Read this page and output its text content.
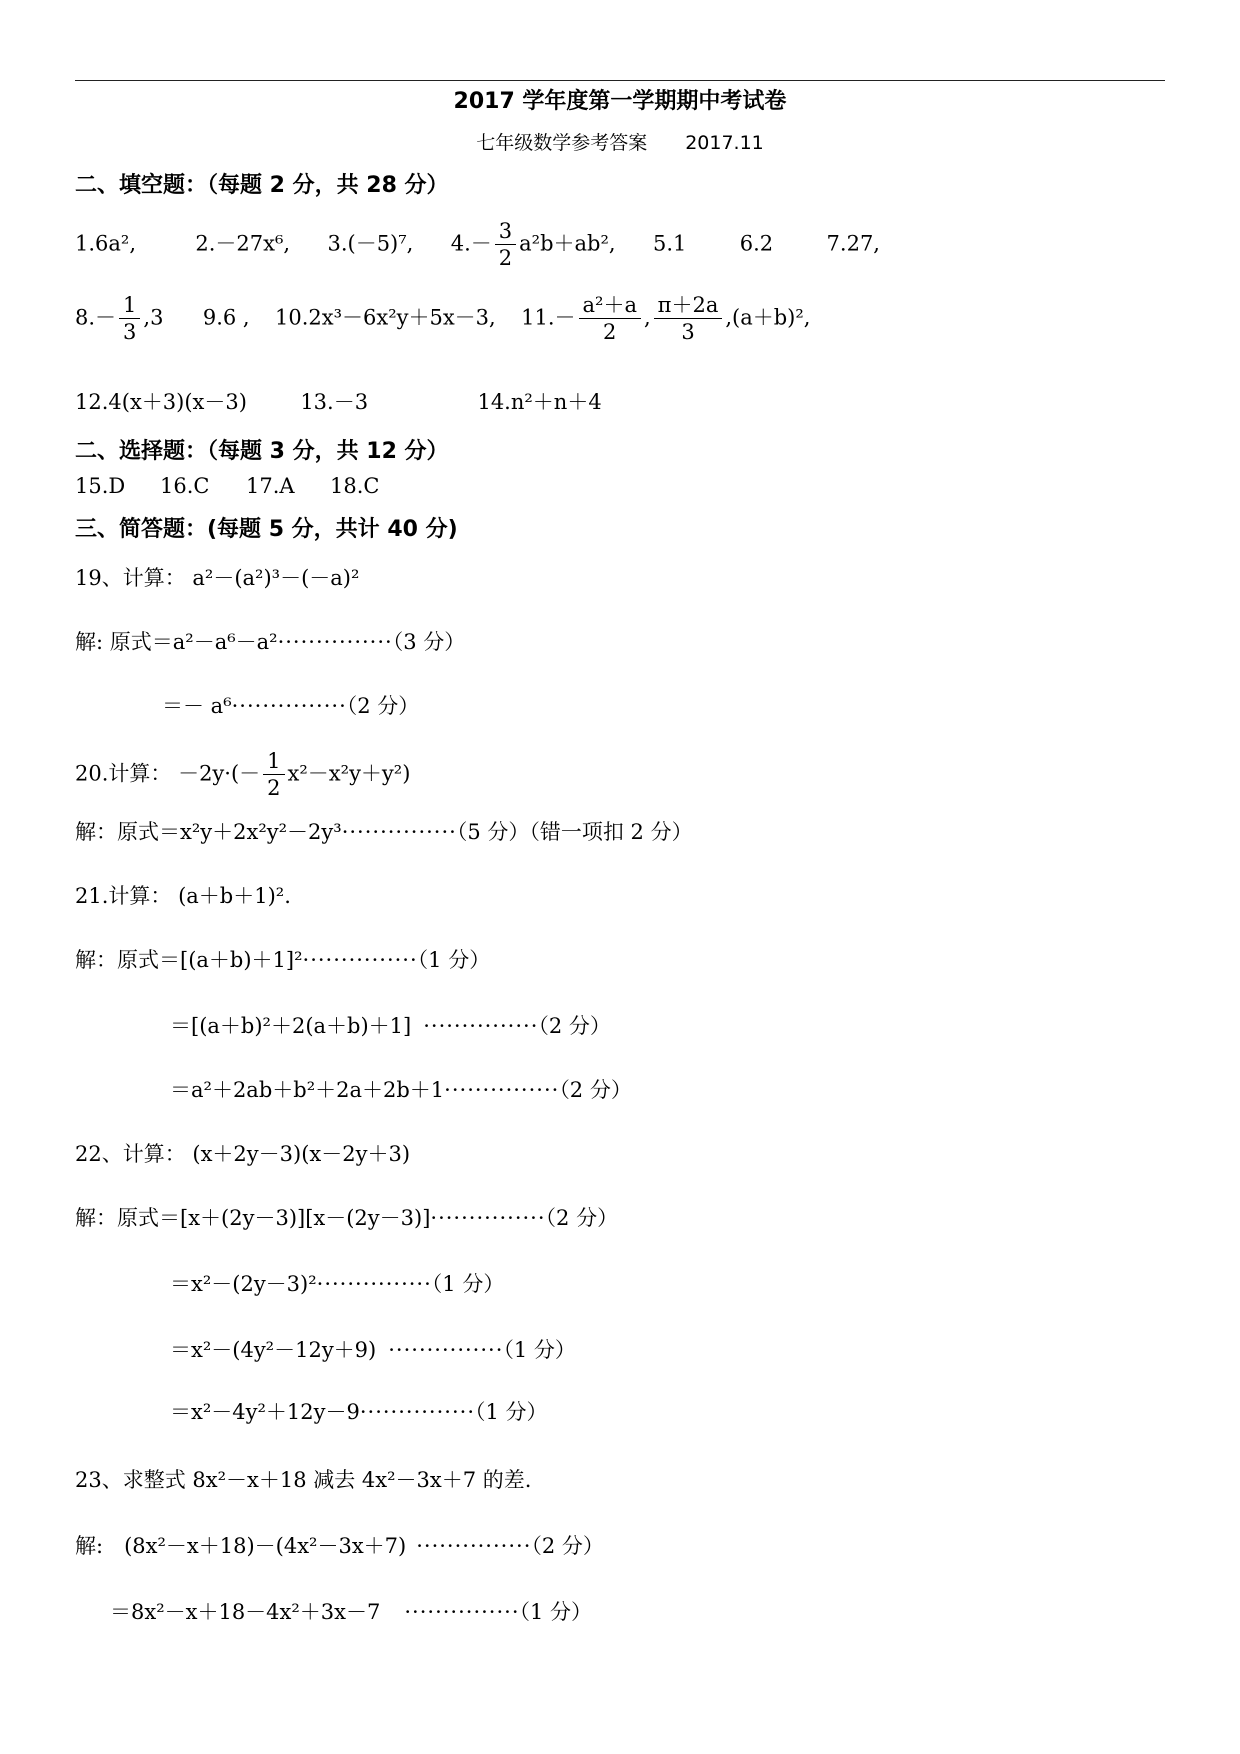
2017 学年度第一学期期中考试卷
七年级数学参考答案　　2017.11
二、填空题：（每题 2 分，共 28 分）
1.6a²,	2.－27x⁶, 3.(－5)⁷, $4.- \frac{3}{2} a^2b+ab^2$, 5.1	6.2	7.27,
$8.- \frac{1}{3} ,3$ 9.6 , 10.2x³－6x²y＋5x－3, $11.- \frac{\text{a²＋a}}{2}$ , $\frac{\pi+2a}{3} ,(a+b)^2$,
12.4(x＋3)(x－3)	13.－3	14.n²＋n＋4
二、选择题：（每题 3 分，共 12 分）
15.D 16.C 17.A 18.C
三、简答题：(每题 5 分，共计 40 分)
19、计算： a²－(a²)³－(－a)²
解: 原式＝a²－a⁶－a²···············（3 分）
＝－ a⁶···············（2 分）
20.计算： $-2y\cdot(- \frac{1}{2} x^2-x^2y+y^2)$
解：原式＝x²y＋2x²y²－2y³···············（5 分）（错一项扣 2 分）
21.计算： (a＋b＋1)².
解：原式＝[(a＋b)＋1]²···············（1 分）
＝[(a＋b)²＋2(a＋b)＋1] ···············（2 分）
＝a²＋2ab＋b²＋2a＋2b＋1···············（2 分）
22、计算： (x＋2y－3)(x－2y＋3)
解：原式＝[x＋(2y－3)][x－(2y－3)]···············（2 分）
＝x²－(2y－3)²···············（1 分）
＝x²－(4y²－12y＋9) ···············（1 分）
＝x²－4y²＋12y－9···············（1 分）
23、求整式 8x²－x＋18 减去 4x²－3x＋7 的差.
解:　(8x²－x＋18)－(4x²－3x＋7) ···············（2 分）
＝8x²－x＋18－4x²＋3x－7 ···············（1 分）
